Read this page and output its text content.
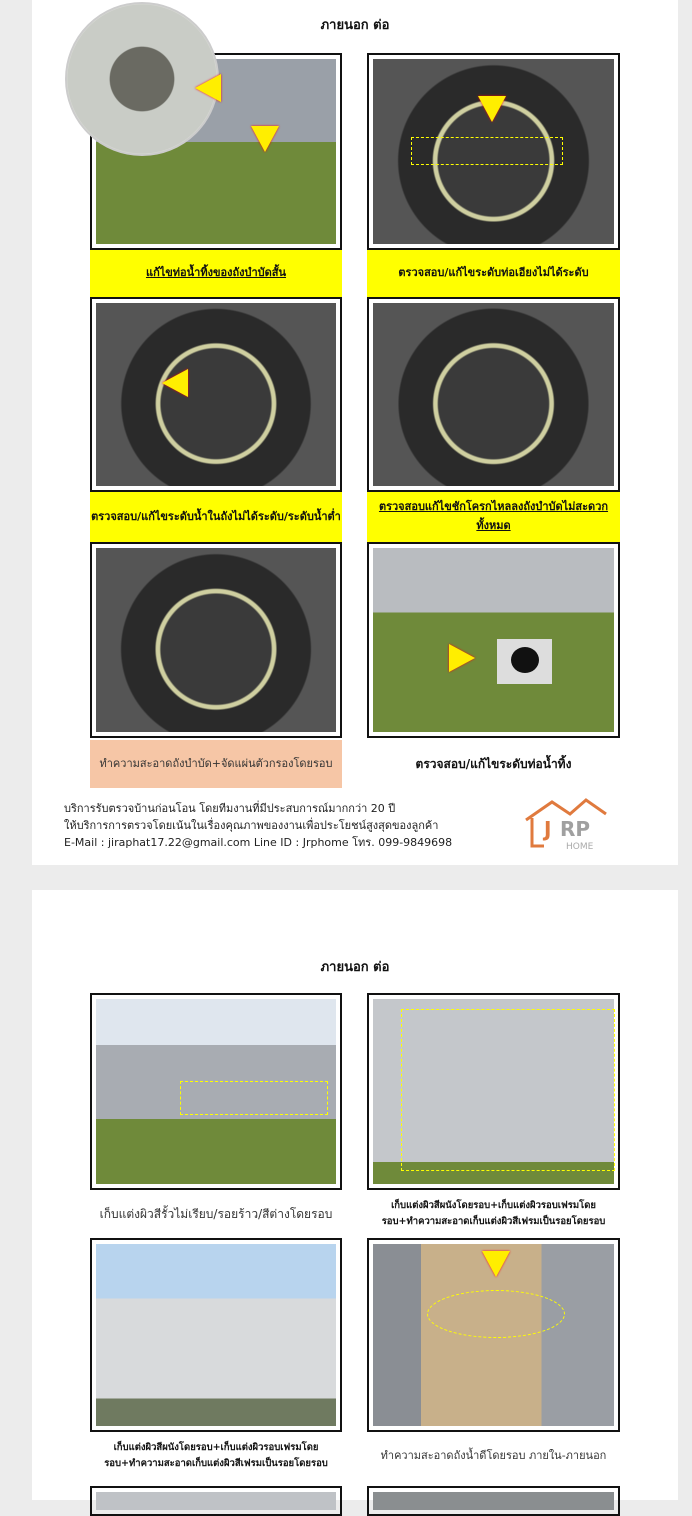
ภายนอก ต่อ
ภายนอก ต่อ
แก้ไขท่อน้ำทิ้งของถังบำบัดสั้น	ตรวจสอบ/แก้ไขระดับท่อเอียงไม่ได้ระดับ
ตรวจสอบ/แก้ไขระดับน้ำในถังไม่ได้ระดับ/ระดับน้ำต่ำ
ตรวจสอบแก้ไขชักโครกไหลลงถังบำบัดไม่สะดวกทั้งหมด
ทำความสะอาดถังบำบัด+จัดแผ่นตัวกรองโดยรอบ	ตรวจสอบ/แก้ไขระดับท่อน้ำทิ้ง
บริการรับตรวจบ้านก่อนโอน โดยทีมงานที่มีประสบการณ์มากกว่า 20 ปี
ให้บริการการตรวจโดยเน้นในเรื่องคุณภาพของงานเพื่อประโยชน์สูงสุดของลูกค้า
E-Mail : jiraphat17.22@gmail.com Line ID : Jrphome โทร. 099-9849698
J RP
HOME
เก็บแต่งผิวสีรั้วไม่เรียบ/รอยร้าว/สีต่างโดยรอบ
เก็บแต่งผิวสีผนังโดยรอบ+เก็บแต่งผิวรอบเฟรมโดยรอบ+ทำความสะอาดเก็บแต่งผิวสีเฟรมเป็นรอยโดยรอบ
เก็บแต่งผิวสีผนังโดยรอบ+เก็บแต่งผิวรอบเฟรมโดยรอบ+ทำความสะอาดเก็บแต่งผิวสีเฟรมเป็นรอยโดยรอบ
ทำความสะอาดถังน้ำดีโดยรอบ ภายใน-ภายนอก
